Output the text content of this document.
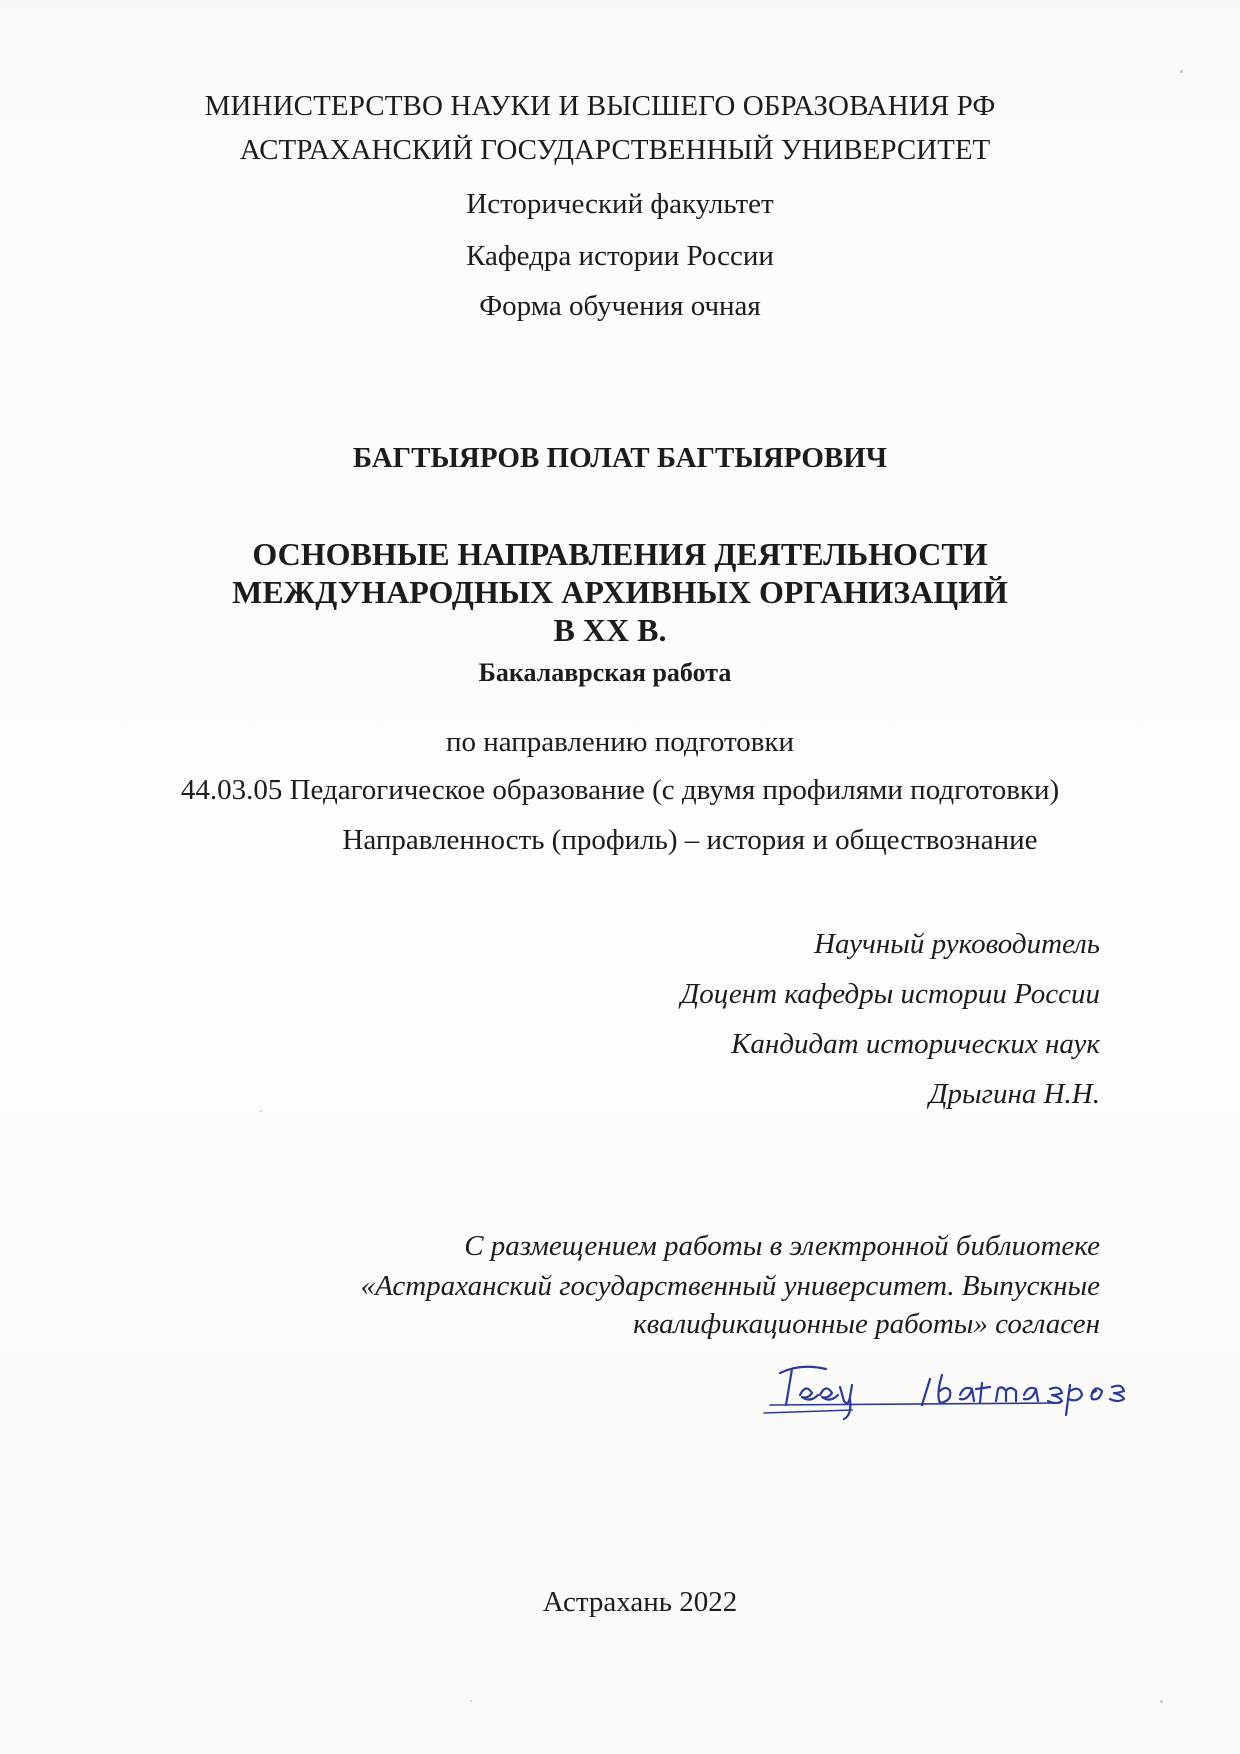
МИНИСТЕРСТВО НАУКИ И ВЫСШЕГО ОБРАЗОВАНИЯ РФ
АСТРАХАНСКИЙ ГОСУДАРСТВЕННЫЙ УНИВЕРСИТЕТ
Исторический факультет
Кафедра истории России
Форма обучения очная
БАГТЫЯРОВ ПОЛАТ БАГТЫЯРОВИЧ
ОСНОВНЫЕ НАПРАВЛЕНИЯ ДЕЯТЕЛЬНОСТИ
МЕЖДУНАРОДНЫХ АРХИВНЫХ ОРГАНИЗАЦИЙ
В ХХ В.
Бакалаврская работа
по направлению подготовки
44.03.05 Педагогическое образование (с двумя профилями подготовки)
Направленность (профиль) – история и обществознание
Научный руководитель
Доцент кафедры истории России
Кандидат исторических наук
Дрыгина Н.Н.
С размещением работы в электронной библиотеке
«Астраханский государственный университет. Выпускные
квалификационные работы» согласен
Астрахань 2022
